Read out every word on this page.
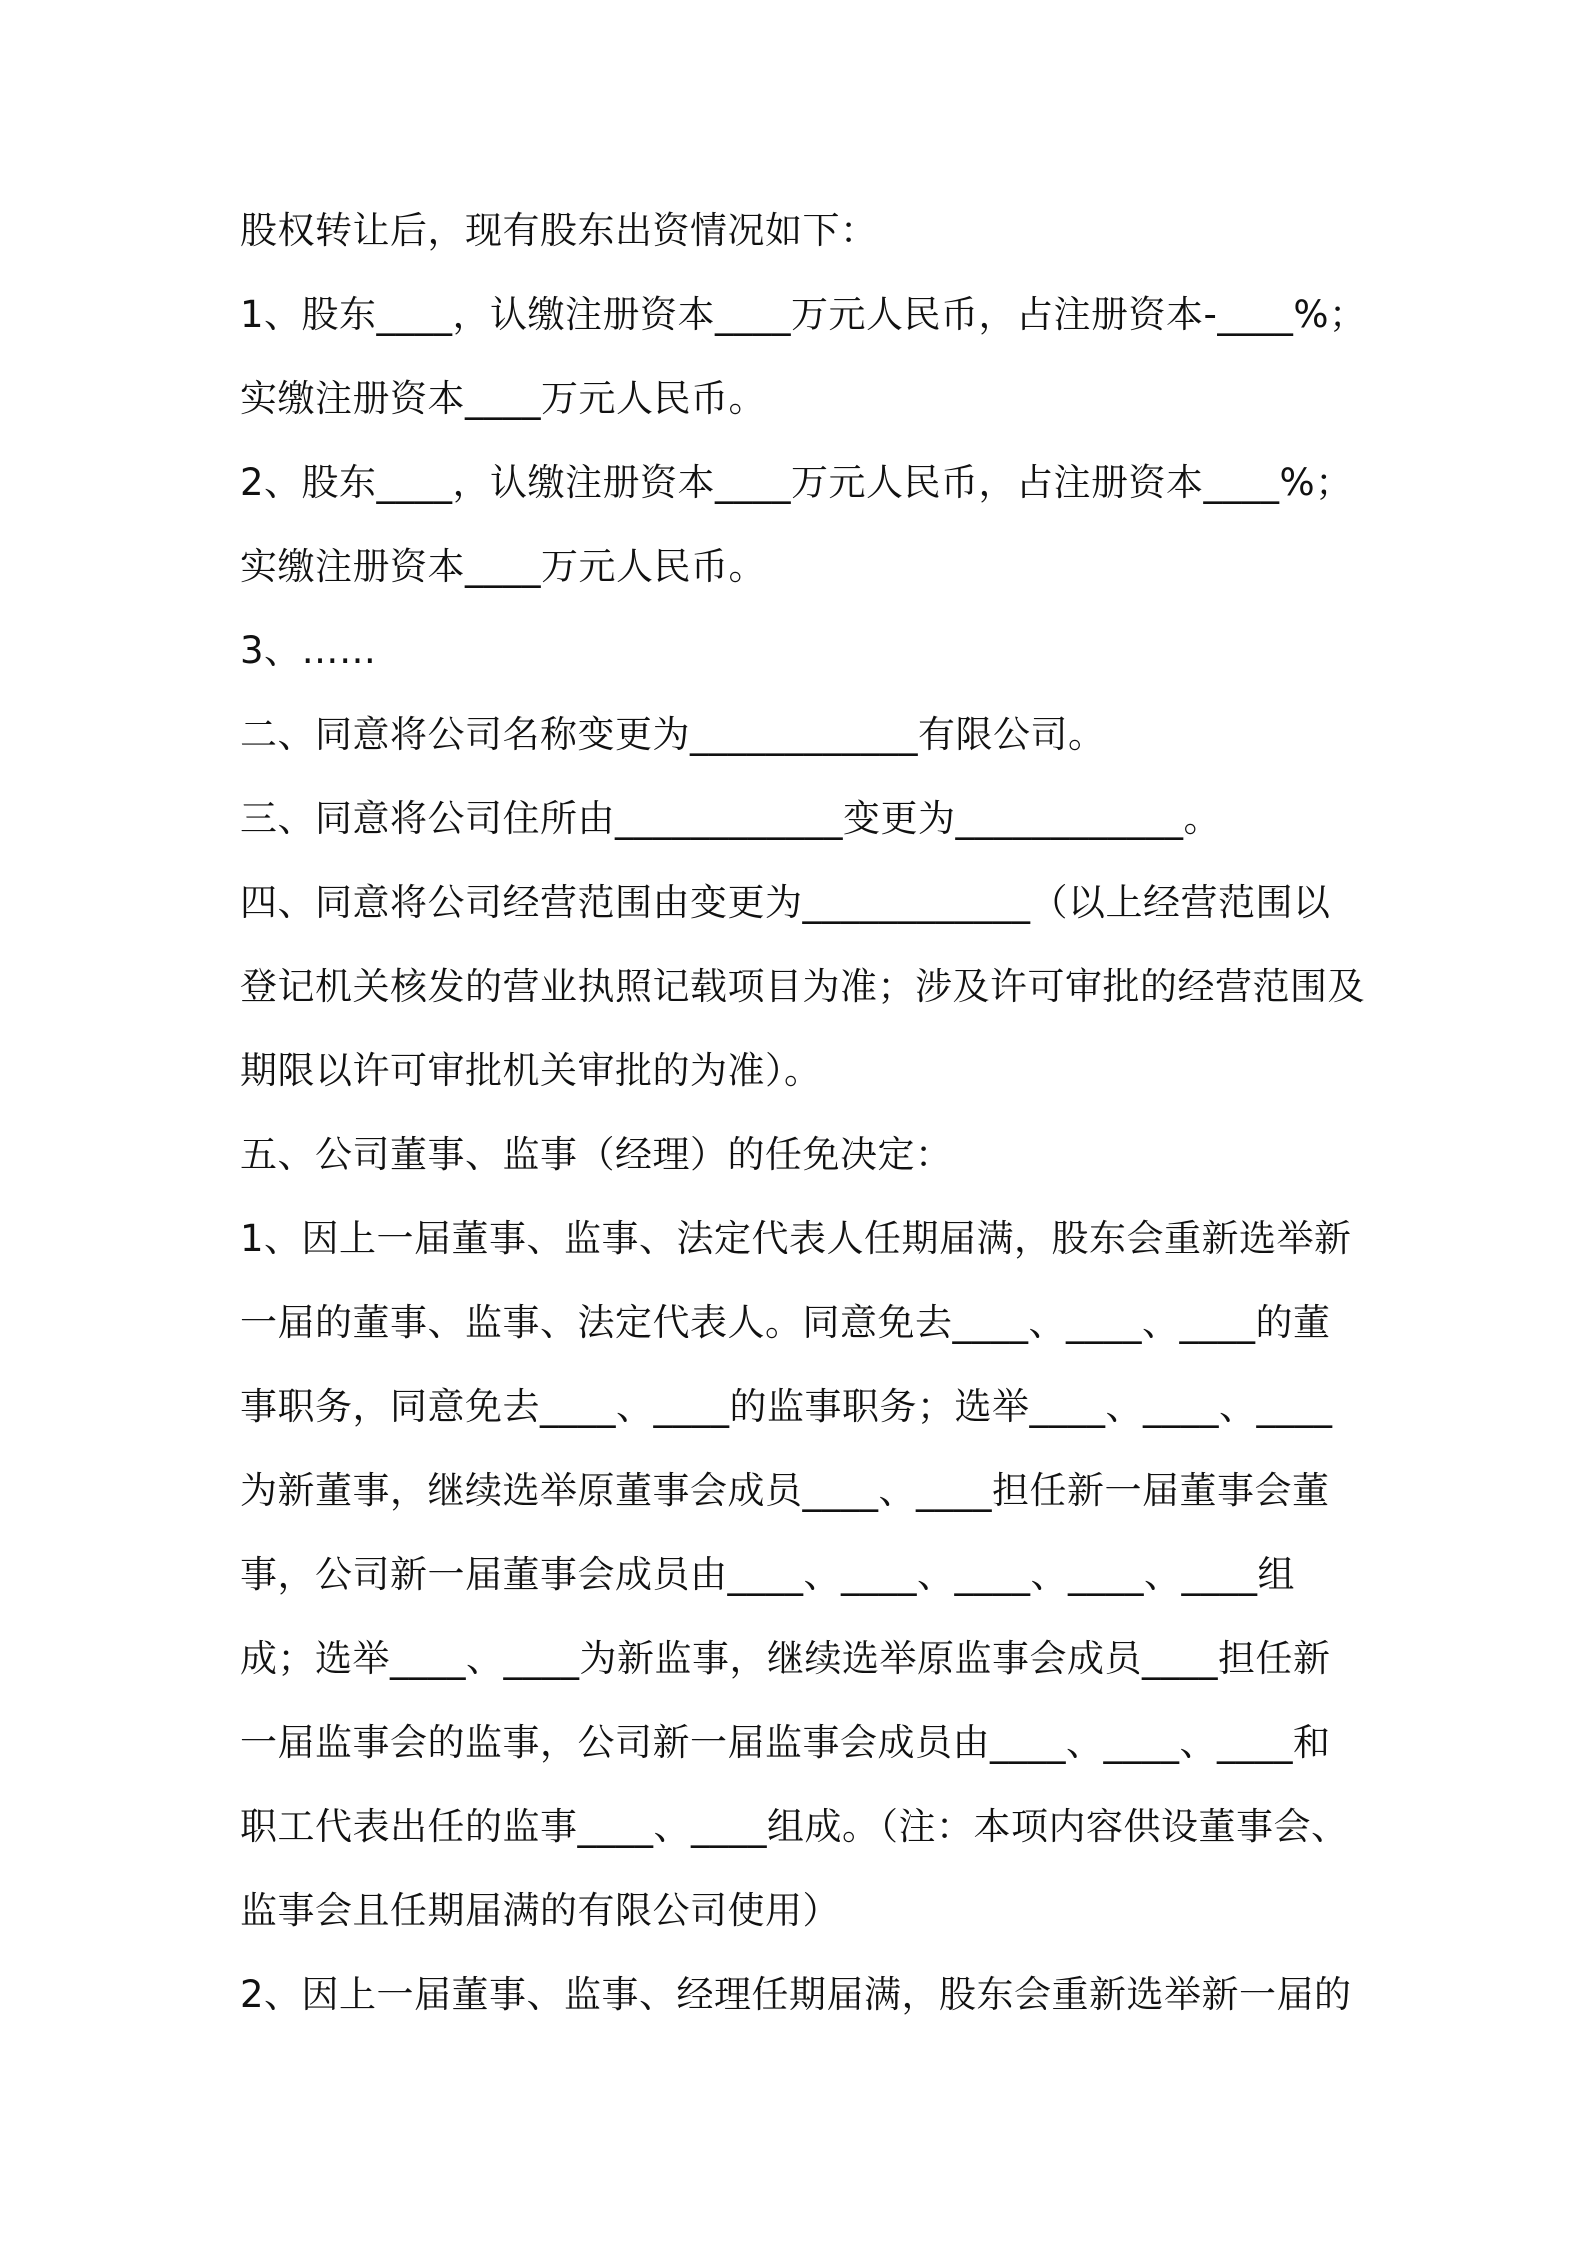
股权转让后，现有股东出资情况如下：
1、股东____，认缴注册资本____万元人民币，占注册资本-____%；
实缴注册资本____万元人民币。
2、股东____，认缴注册资本____万元人民币，占注册资本____%；
实缴注册资本____万元人民币。
3、……
二、同意将公司名称变更为____________有限公司。
三、同意将公司住所由____________变更为____________。
四、同意将公司经营范围由变更为____________（以上经营范围以
登记机关核发的营业执照记载项目为准；涉及许可审批的经营范围及
期限以许可审批机关审批的为准）。
五、公司董事、监事（经理）的任免决定：
1、因上一届董事、监事、法定代表人任期届满，股东会重新选举新
一届的董事、监事、法定代表人。同意免去____、____、____的董
事职务，同意免去____、____的监事职务；选举____、____、____
为新董事，继续选举原董事会成员____、____担任新一届董事会董
事，公司新一届董事会成员由____、____、____、____、____组
成；选举____、____为新监事，继续选举原监事会成员____担任新
一届监事会的监事，公司新一届监事会成员由____、____、____和
职工代表出任的监事____、____组成。（注：本项内容供设董事会、
监事会且任期届满的有限公司使用）
2、因上一届董事、监事、经理任期届满，股东会重新选举新一届的
